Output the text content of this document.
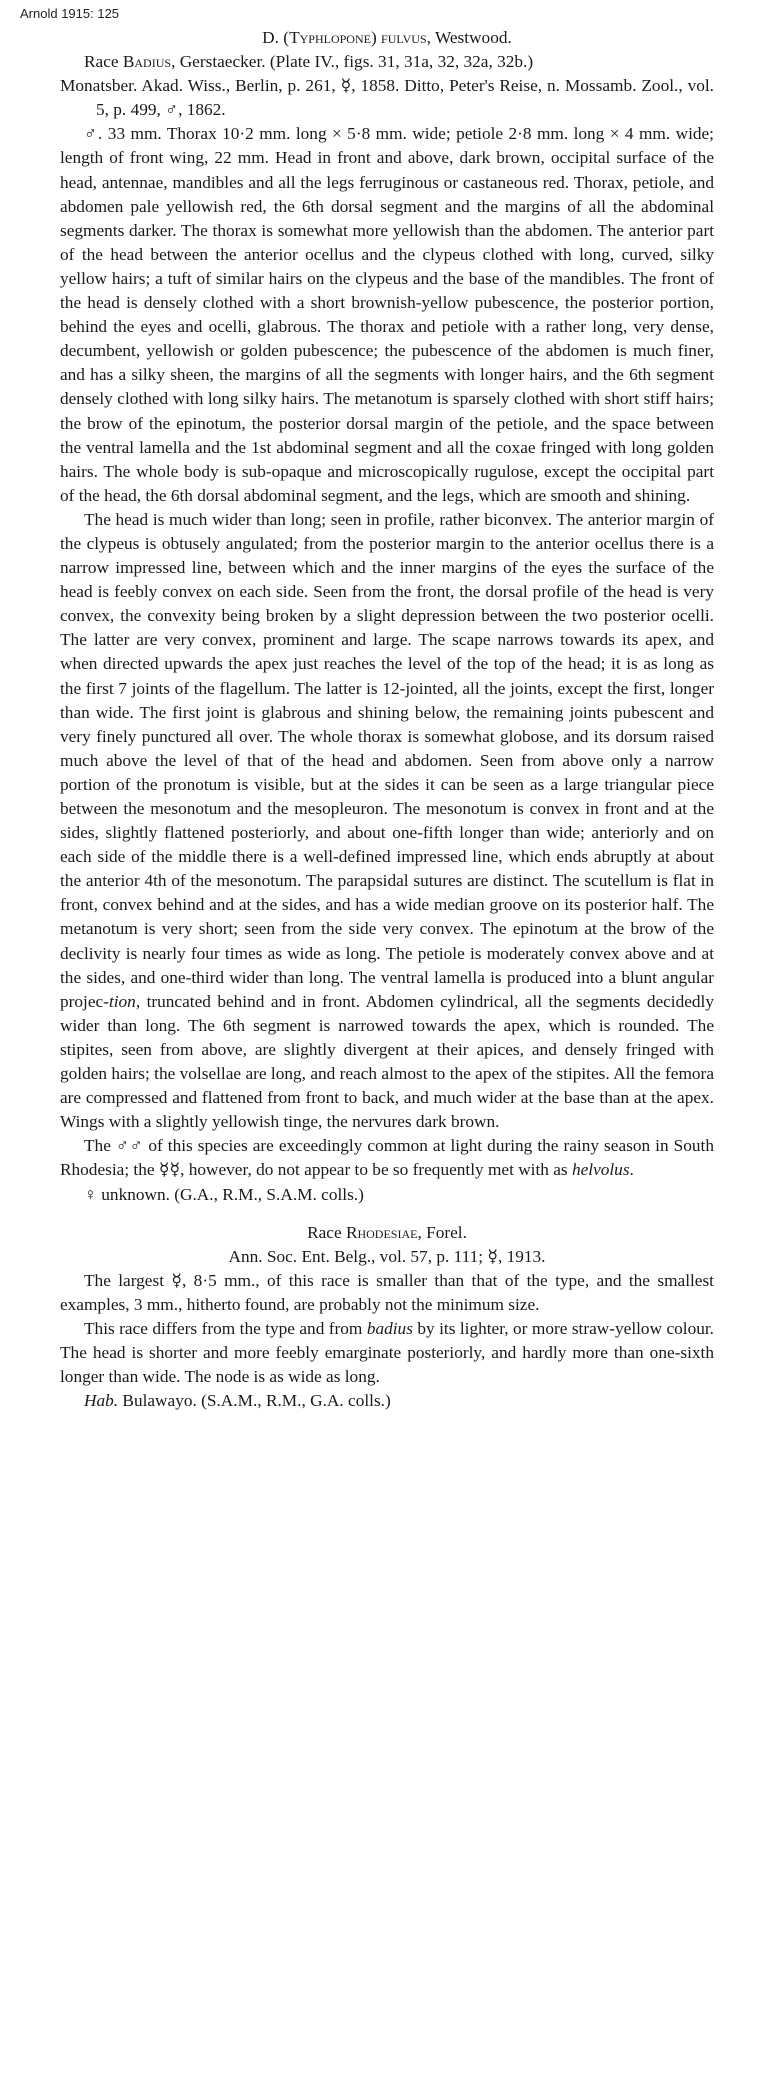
Arnold 1915: 125

D. (Typhlopone) fulvus, Westwood.

Race Badius, Gerstaecker. (Plate IV., figs. 31, 31a, 32, 32a, 32b.)

Monatsber. Akad. Wiss., Berlin, p. 261, ☿, 1858. Ditto, Peter's Reise, n. Mossamb. Zool., vol. 5, p. 499, ♂, 1862.

♂. 33 mm. Thorax 10·2 mm. long × 5·8 mm. wide; petiole 2·8 mm. long × 4 mm. wide; length of front wing, 22 mm. Head in front and above, dark brown, occipital surface of the head, antennae, mandibles and all the legs ferruginous or castaneous red. Thorax, petiole, and abdomen pale yellowish red, the 6th dorsal segment and the margins of all the abdominal segments darker. The thorax is somewhat more yellowish than the abdomen. The anterior part of the head between the anterior ocellus and the clypeus clothed with long, curved, silky yellow hairs; a tuft of similar hairs on the clypeus and the base of the mandibles. The front of the head is densely clothed with a short brownish-yellow pubescence, the posterior portion, behind the eyes and ocelli, glabrous. The thorax and petiole with a rather long, very dense, decumbent, yellowish or golden pubescence; the pubescence of the abdomen is much finer, and has a silky sheen, the margins of all the segments with longer hairs, and the 6th segment densely clothed with long silky hairs. The metanotum is sparsely clothed with short stiff hairs; the brow of the epinotum, the posterior dorsal margin of the petiole, and the space between the ventral lamella and the 1st abdominal segment and all the coxae fringed with long golden hairs. The whole body is sub-opaque and microscopically rugulose, except the occipital part of the head, the 6th dorsal abdominal segment, and the legs, which are smooth and shining.

The head is much wider than long; seen in profile, rather biconvex. The anterior margin of the clypeus is obtusely angulated; from the posterior margin to the anterior ocellus there is a narrow impressed line, between which and the inner margins of the eyes the surface of the head is feebly convex on each side. Seen from the front, the dorsal profile of the head is very convex, the convexity being broken by a slight depression between the two posterior ocelli. The latter are very convex, prominent and large. The scape narrows towards its apex, and when directed upwards the apex just reaches the level of the top of the head; it is as long as the first 7 joints of the flagellum. The latter is 12-jointed, all the joints, except the first, longer than wide. The first joint is glabrous and shining below, the remaining joints pubescent and very finely punctured all over. The whole thorax is somewhat globose, and its dorsum raised much above the level of that of the head and abdomen. Seen from above only a narrow portion of the pronotum is visible, but at the sides it can be seen as a large triangular piece between the mesonotum and the mesopleuron. The mesonotum is convex in front and at the sides, slightly flattened posteriorly, and about one-fifth longer than wide; anteriorly and on each side of the middle there is a well-defined impressed line, which ends abruptly at about the anterior 4th of the mesonotum. The parapsidal sutures are distinct. The scutellum is flat in front, convex behind and at the sides, and has a wide median groove on its posterior half. The metanotum is very short; seen from the side very convex. The epinotum at the brow of the declivity is nearly four times as wide as long. The petiole is moderately convex above and at the sides, and one-third wider than long. The ventral lamella is produced into a blunt angular projec-tion, truncated behind and in front. Abdomen cylindrical, all the segments decidedly wider than long. The 6th segment is narrowed towards the apex, which is rounded. The stipites, seen from above, are slightly divergent at their apices, and densely fringed with golden hairs; the volsellae are long, and reach almost to the apex of the stipites. All the femora are compressed and flattened from front to back, and much wider at the base than at the apex. Wings with a slightly yellowish tinge, the nervures dark brown.

The ♂♂ of this species are exceedingly common at light during the rainy season in South Rhodesia; the ☿☿, however, do not appear to be so frequently met with as helvolus.

♀ unknown. (G.A., R.M., S.A.M. colls.)

Race Rhodesiae, Forel.

Ann. Soc. Ent. Belg., vol. 57, p. 111; ☿, 1913.

The largest ☿, 8·5 mm., of this race is smaller than that of the type, and the smallest examples, 3 mm., hitherto found, are probably not the minimum size.

This race differs from the type and from badius by its lighter, or more straw-yellow colour. The head is shorter and more feebly emarginate posteriorly, and hardly more than one-sixth longer than wide. The node is as wide as long.

Hab. Bulawayo. (S.A.M., R.M., G.A. colls.)
